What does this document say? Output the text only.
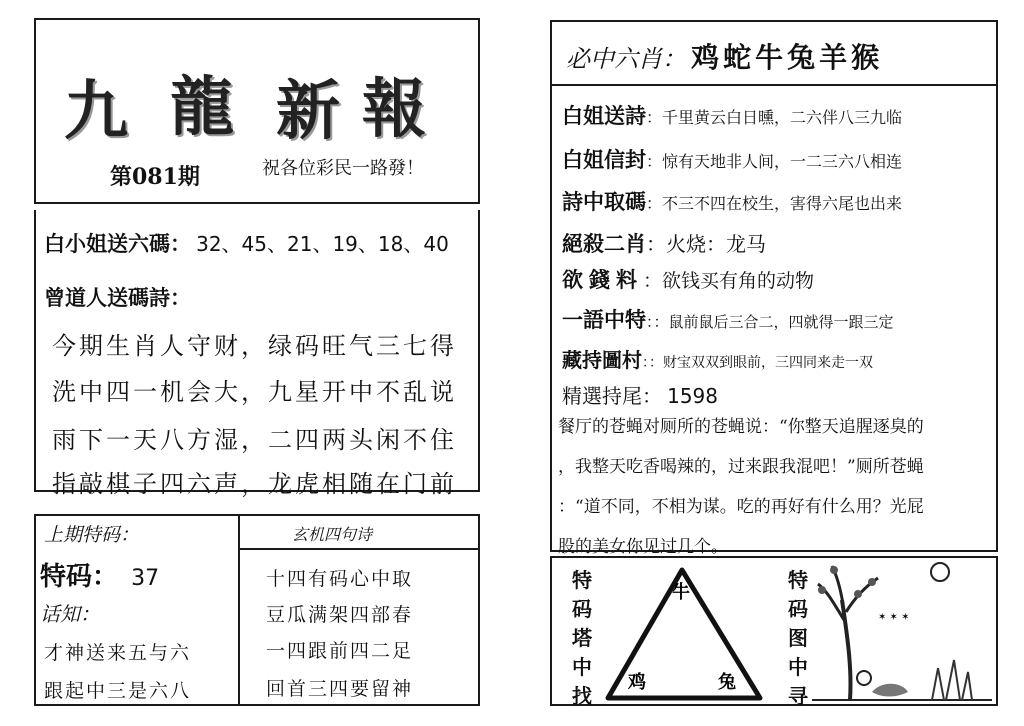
九 龍 新 報
第081期	祝各位彩民一路發！
白小姐送六碼： 32、45、21、19、18、40
曾道人送碼詩：
今期生肖人守财，绿码旺气三七得
洗中四一机会大，九星开中不乱说
雨下一天八方湿，二四两头闲不住
指敲棋子四六声，龙虎相随在门前
上期特码：
特码： 37
话知：
才神送来五与六
跟起中三是六八
玄机四句诗
十四有码心中取
豆瓜满架四部春
一四跟前四二足
回首三四要留神
必中六肖： 鸡蛇牛兔羊猴
白姐送詩：千里黄云白日曛，二六伴八三九临
白姐信封：惊有天地非人间，一二三六八相连
詩中取碼：不三不四在校生，害得六尾也出来
絕殺二肖：火烧：龙马
欲錢料：欲钱买有角的动物
一語中特：：鼠前鼠后三合二，四就得一跟三定
藏持圖村：：财宝双双到眼前，三四同来走一双
精選持尾： 1598
餐厅的苍蝇对厕所的苍蝇说：“你整天追腥逐臭的
，我整天吃香喝辣的，过来跟我混吧！”厕所苍蝇
：“道不同，不相为谋。吃的再好有什么用？光屁
股的美女你见过几个。
特
码
塔
中
找
牛
鸡	兔
特
码
图
中
寻
✶ ✶ ✶
